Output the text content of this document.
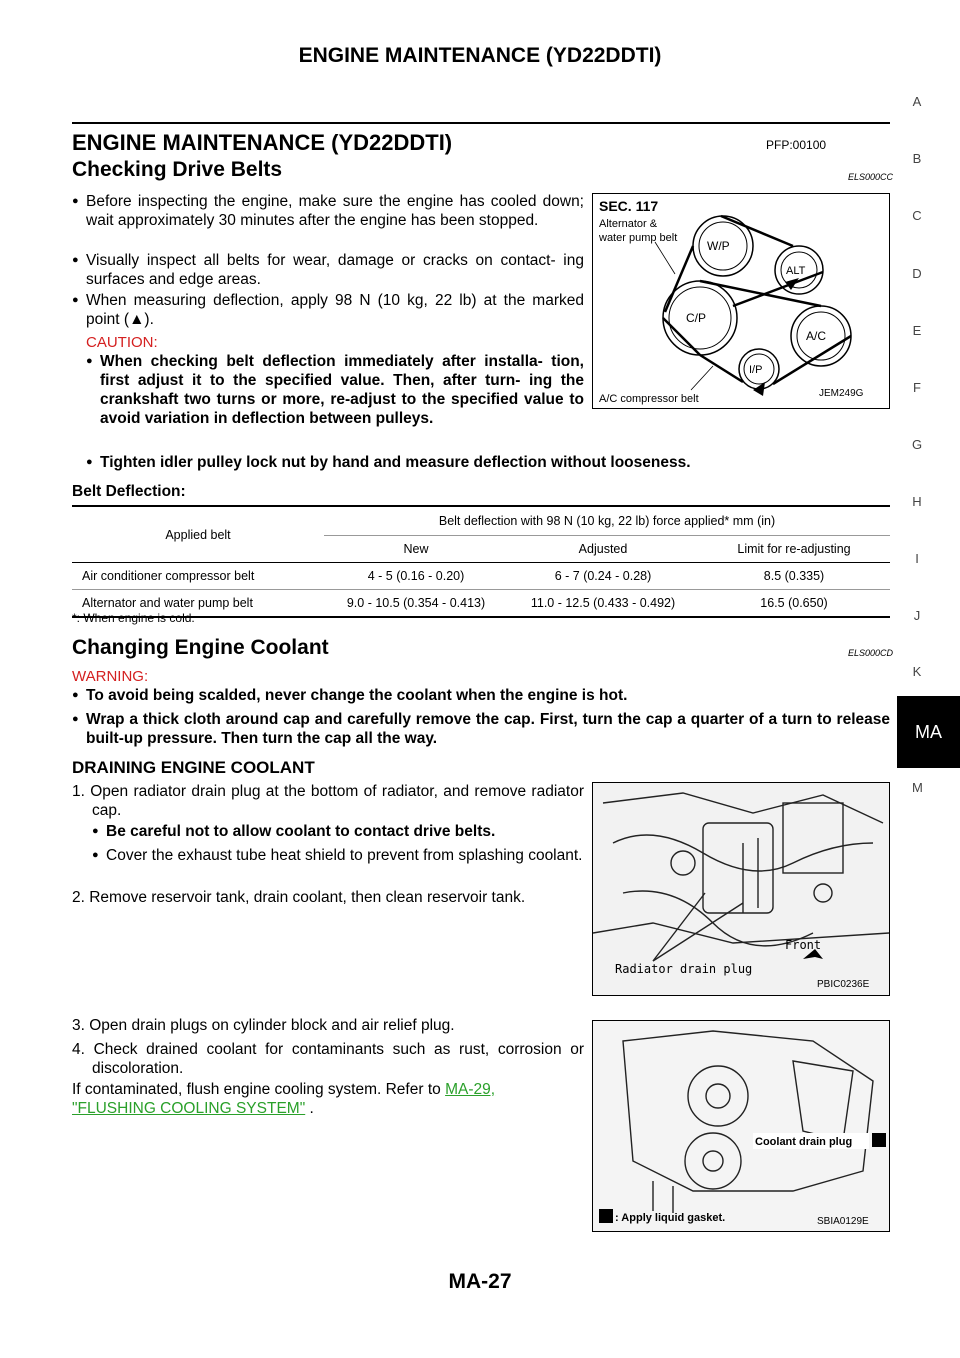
ENGINE MAINTENANCE (YD22DDTI)
ENGINE MAINTENANCE (YD22DDTI)	PFP:00100
Checking Drive Belts	ELS000CC
● Before inspecting the engine, make sure the engine has cooled down; wait approximately 30 minutes after the engine has been stopped.
● Visually inspect all belts for wear, damage or cracks on contact- ing surfaces and edge areas.
● When measuring deflection, apply 98 N (10 kg, 22 lb) at the marked point (▲).
CAUTION:
● When checking belt deflection immediately after installa- tion, first adjust it to the specified value. Then, after turn- ing the crankshaft two turns or more, re-adjust to the specified value to avoid variation in deflection between pulleys.
● Tighten idler pulley lock nut by hand and measure deflection without looseness.
SEC. 117
Alternator &
water pump belt
W/P
ALT
C/P
A/C
I/P
A/C compressor belt	JEM249G
Belt Deflection:
Applied belt	Belt deflection with 98 N (10 kg, 22 lb) force applied* mm (in)		
	New	Adjusted	Limit for re-adjusting
Air conditioner compressor belt	4 - 5 (0.16 - 0.20)	6 - 7 (0.24 - 0.28)	8.5 (0.335)
Alternator and water pump belt	9.0 - 10.5 (0.354 - 0.413)	11.0 - 12.5 (0.433 - 0.492)	16.5 (0.650)
*: When engine is cold.
Changing Engine Coolant	ELS000CD
WARNING:
● To avoid being scalded, never change the coolant when the engine is hot.
● Wrap a thick cloth around cap and carefully remove the cap. First, turn the cap a quarter of a turn to release built-up pressure. Then turn the cap all the way.
DRAINING ENGINE COOLANT
1. Open radiator drain plug at the bottom of radiator, and remove radiator cap.
● Be careful not to allow coolant to contact drive belts.
● Cover the exhaust tube heat shield to prevent from splashing coolant.
2. Remove reservoir tank, drain coolant, then clean reservoir tank.
Front
Radiator drain plug
PBIC0236E
3. Open drain plugs on cylinder block and air relief plug.
4. Check drained coolant for contaminants such as rust, corrosion or discoloration.
If contaminated, flush engine cooling system. Refer to MA-29,
"FLUSHING COOLING SYSTEM" .
Coolant drain plug
: Apply liquid gasket.	SBIA0129E
A
B
C
D
E
F
G
H
I
J
K
MA
M
MA-27
